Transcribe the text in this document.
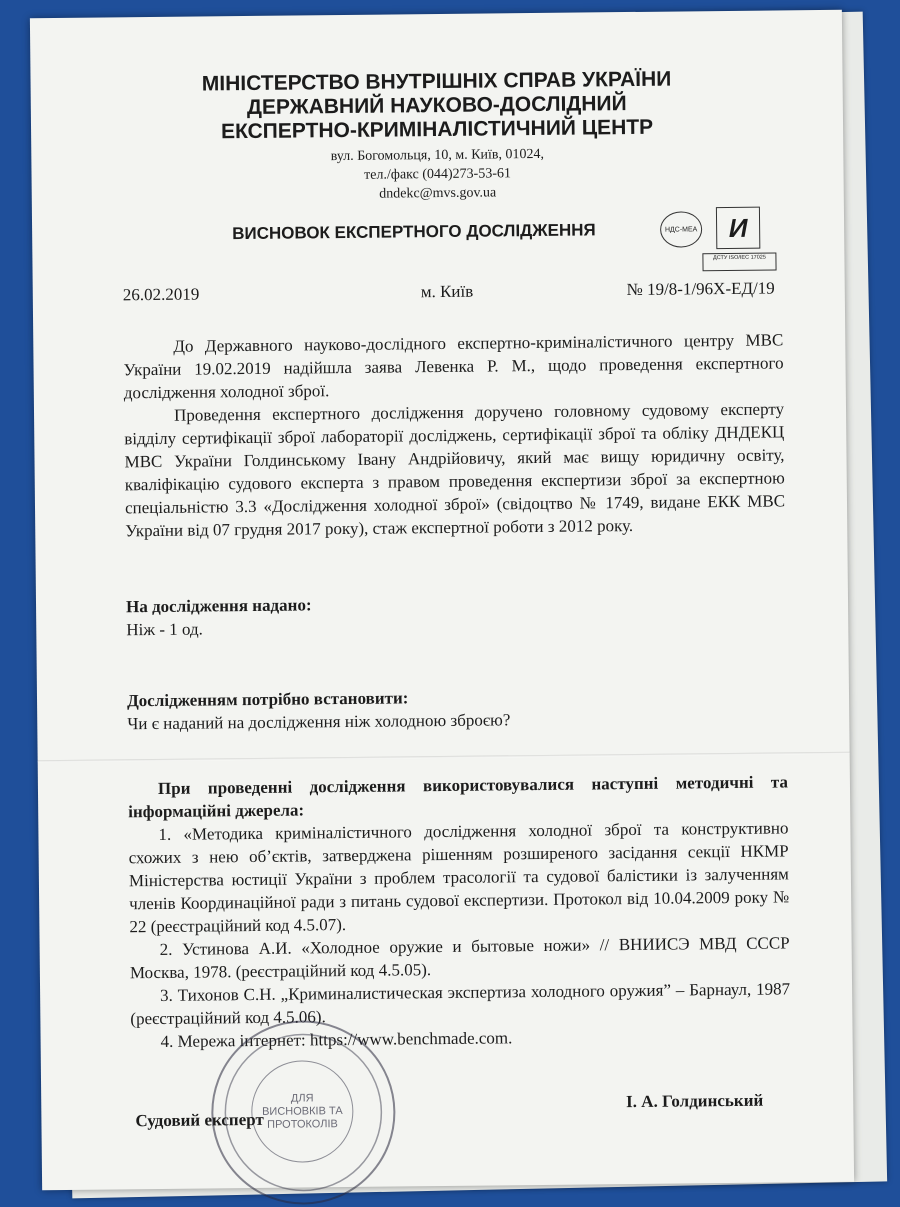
МІНІСТЕРСТВО ВНУТРІШНІХ СПРАВ УКРАЇНИ

ДЕРЖАВНИЙ НАУКОВО-ДОСЛІДНИЙ

ЕКСПЕРТНО-КРИМІНАЛІСТИЧНИЙ ЦЕНТР

вул. Богомольця, 10, м. Київ, 01024,

тел./факс (044)273-53-61

dndekc@mvs.gov.ua

ВИСНОВОК ЕКСПЕРТНОГО ДОСЛІДЖЕННЯ	НДС-МЕА И
ДСТУ ISO/IEC 17025
26.02.2019	м. Київ	№ 19/8-1/96Х-ЕД/19

До Державного науково-дослідного експертно-криміналістичного центру МВС України 19.02.2019 надійшла заява Левенка Р. М., щодо проведення експертного дослідження холодної зброї.

Проведення експертного дослідження доручено головному судовому експерту відділу сертифікації зброї лабораторії досліджень, сертифікації зброї та обліку ДНДЕКЦ МВС України Голдинському Івану Андрійовичу, який має вищу юридичну освіту, кваліфікацію судового експерта з правом проведення експертизи зброї за експертною спеціальністю 3.3 «Дослідження холодної зброї» (свідоцтво № 1749, видане ЕКК МВС України від 07 грудня 2017 року), стаж експертної роботи з 2012 року.

На дослідження надано:
Ніж - 1 од.
Дослідженням потрібно встановити:
Чи є наданий на дослідження ніж холодною зброєю?

При проведенні дослідження використовувалися наступні методичні та інформаційні джерела:

1. «Методика криміналістичного дослідження холодної зброї та конструктивно схожих з нею об’єктів, затверджена рішенням розширеного засідання секції НКМР Міністерства юстиції України з проблем трасології та судової балістики із залученням членів Координаційної ради з питань судової експертизи. Протокол від 10.04.2009 року № 22 (реєстраційний код 4.5.07).

2. Устинова А.И. «Холодное оружие и бытовые ножи» // ВНИИСЭ МВД СССР Москва, 1978. (реєстраційний код 4.5.05).

3. Тихонов С.Н. „Криминалистическая экспертиза холодного оружия” – Барнаул, 1987 (реєстраційний код 4.5.06).

4. Мережа інтернет: https://www.benchmade.com.

ДЛЯ
ВИСНОВКІВ ТА
ПРОТОКОЛІВ
Судовий експерт
І. А. Голдинський
